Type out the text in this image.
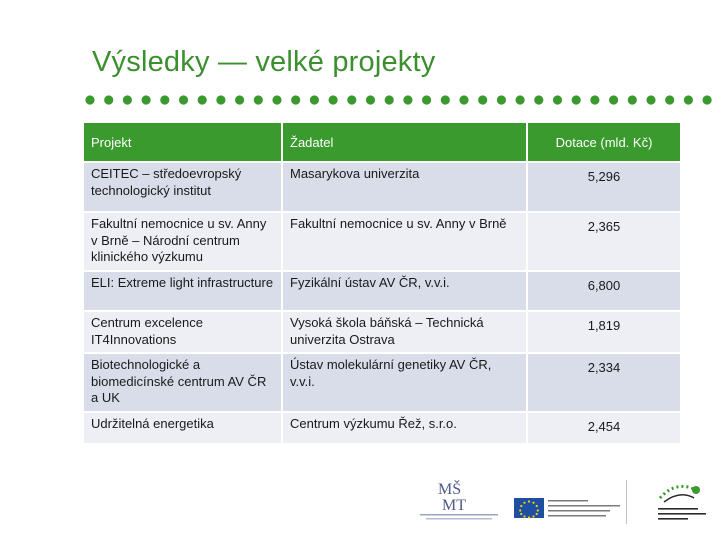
Výsledky — velké projekty
Projekt	Žadatel	Dotace (mld. Kč)
CEITEC – středoevropský technologický institut	Masarykova univerzita	5,296
Fakultní nemocnice u sv. Anny v Brně – Národní centrum klinického výzkumu	Fakultní nemocnice u sv. Anny v Brně	2,365
ELI: Extreme light infrastructure	Fyzikální ústav AV ČR, v.v.i.	6,800
Centrum excelence IT4Innovations	Vysoká škola báňská – Technická univerzita Ostrava	1,819
Biotechnologické a biomedicínské centrum AV ČR a UK	Ústav molekulární genetiky AV ČR, v.v.i.	2,334
Udržitelná energetika	Centrum výzkumu Řež, s.r.o.	2,454
MŠ
MT
